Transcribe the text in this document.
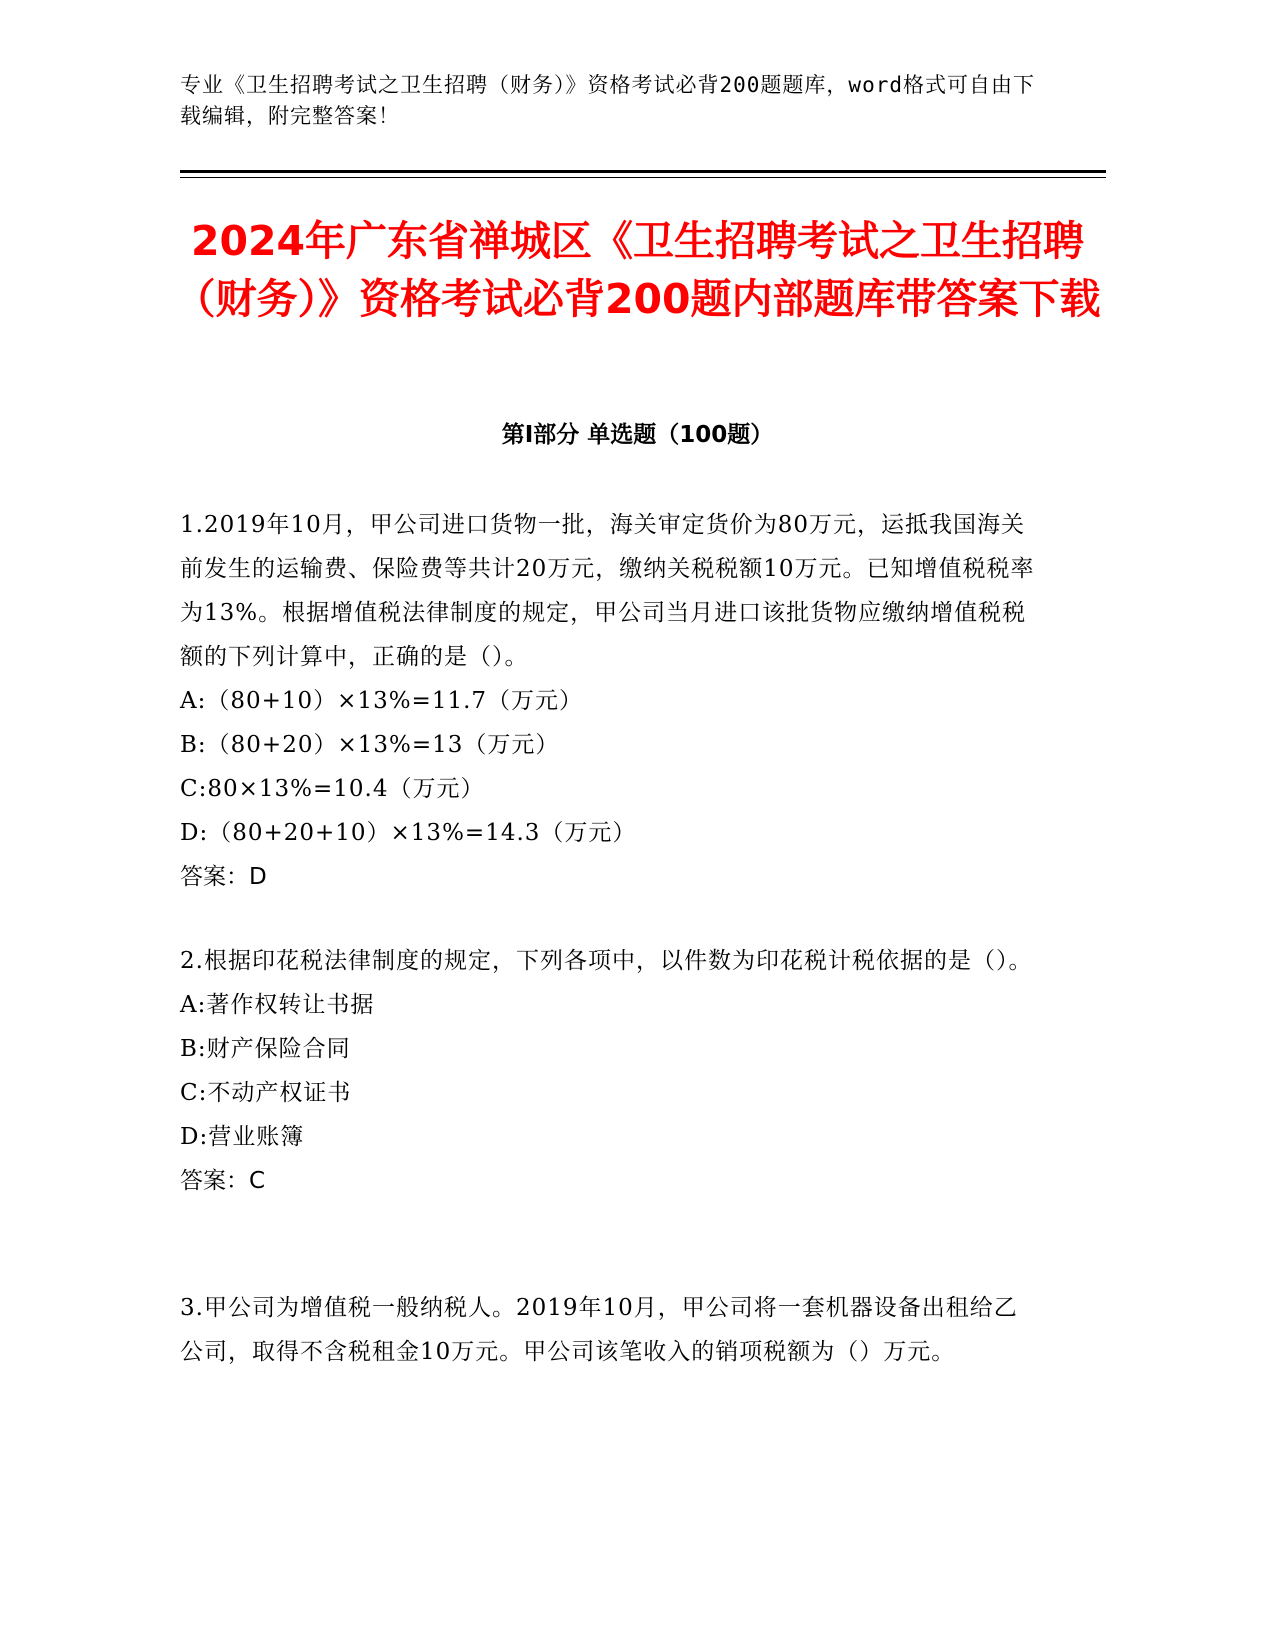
专业《卫生招聘考试之卫生招聘（财务）》资格考试必背200题题库，word格式可自由下载编辑，附完整答案！
2024年广东省禅城区《卫生招聘考试之卫生招聘（财务）》资格考试必背200题内部题库带答案下载
第Ⅰ部分 单选题（100题）

1.2019年10月，甲公司进口货物一批，海关审定货价为80万元，运抵我国海关前发生的运输费、保险费等共计20万元，缴纳关税税额10万元。已知增值税税率为13%。根据增值税法律制度的规定，甲公司当月进口该批货物应缴纳增值税税额的下列计算中，正确的是（）。

A:（80+10）×13%=11.7（万元）

B:（80+20）×13%=13（万元）

C:80×13%=10.4（万元）

D:（80+20+10）×13%=14.3（万元）

答案：D

2.根据印花税法律制度的规定，下列各项中，以件数为印花税计税依据的是（）。

A:著作权转让书据

B:财产保险合同

C:不动产权证书

D:营业账簿

答案：C

3.甲公司为增值税一般纳税人。2019年10月，甲公司将一套机器设备出租给乙公司，取得不含税租金10万元。甲公司该笔收入的销项税额为（）万元。
